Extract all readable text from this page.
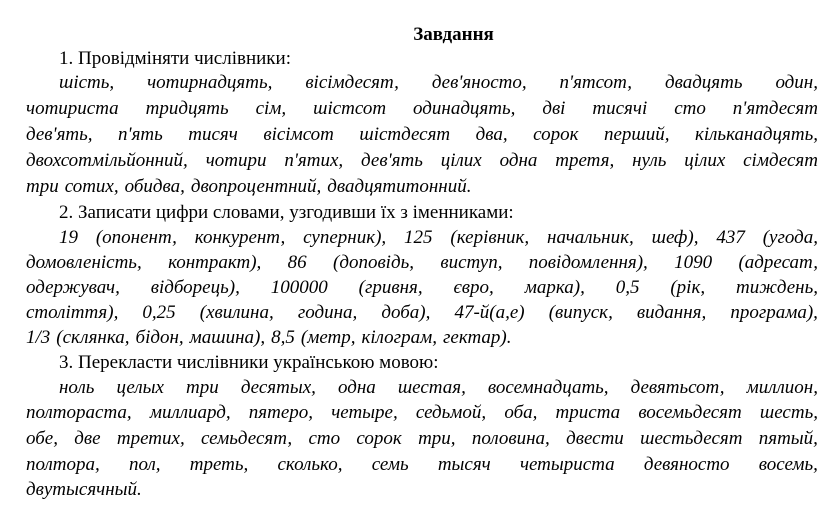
Завдання
1. Провідміняти числівники:
шість, чотирнадцять, вісімдесят, дев'яносто, п'ятсот, двадцять один,
чотириста тридцять сім, шістсот одинадцять, дві тисячі сто п'ятдесят
дев'ять, п'ять тисяч вісімсот шістдесят два, сорок перший, кільканадцять,
двохсотмільйонний, чотири п'ятих, дев'ять цілих одна третя, нуль цілих сімдесят
три сотих, обидва, двопроцентний, двадцятитонний.
2. Записати цифри словами, узгодивши їх з іменниками:
19 (опонент, конкурент, суперник), 125 (керівник, начальник, шеф), 437 (угода,
домовленість, контракт), 86 (доповідь, виступ, повідомлення), 1090 (адресат,
одержувач, відборець), 100000 (гривня, євро, марка), 0,5 (рік, тиждень,
століття), 0,25 (хвилина, година, доба), 47-й(а,е) (випуск, видання, програма),
1/3 (склянка, бідон, машина), 8,5 (метр, кілограм, гектар).
3. Перекласти числівники українською мовою:
ноль целых три десятых, одна шестая, восемнадцать, девятьсот, миллион,
полтораста, миллиард, пятеро, четыре, седьмой, оба, триста восемьдесят шесть,
обе, две третих, семьдесят, сто сорок три, половина, двести шестьдесят пятый,
полтора, пол, треть, сколько, семь тысяч четыриста девяносто восемь,
двутысячный.
